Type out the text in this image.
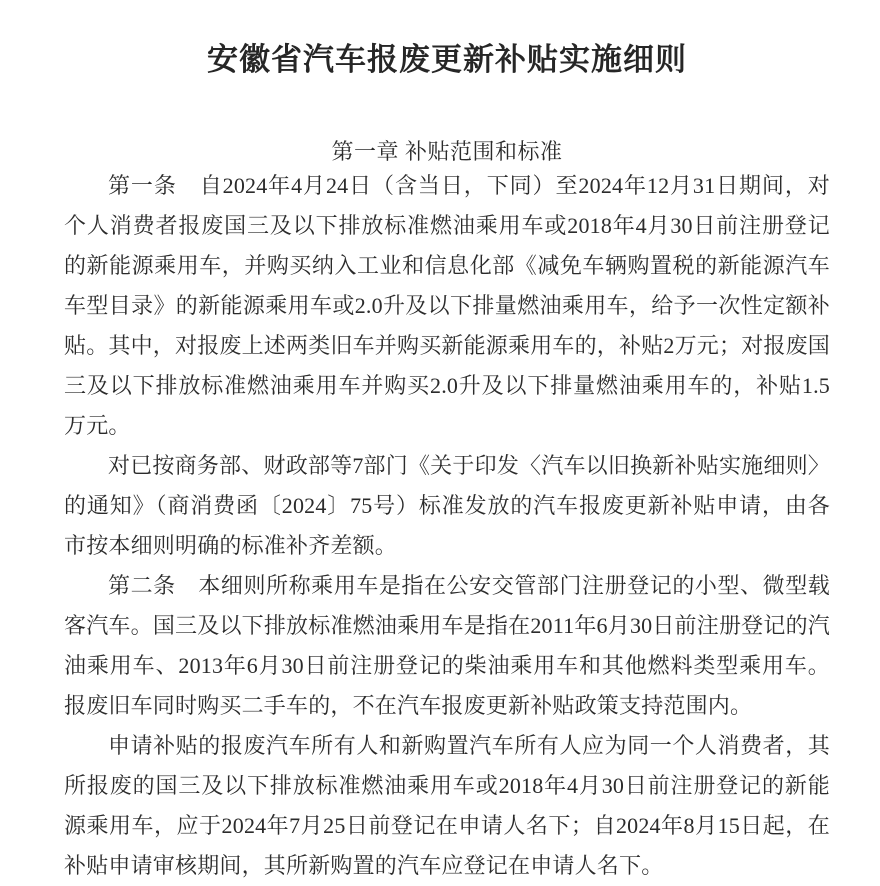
安徽省汽车报废更新补贴实施细则
第一章 补贴范围和标准

第一条　自2024年4月24日（含当日，下同）至2024年12月31日期间，对个人消费者报废国三及以下排放标准燃油乘用车或2018年4月30日前注册登记的新能源乘用车，并购买纳入工业和信息化部《减免车辆购置税的新能源汽车车型目录》的新能源乘用车或2.0升及以下排量燃油乘用车，给予一次性定额补贴。其中，对报废上述两类旧车并购买新能源乘用车的，补贴2万元；对报废国三及以下排放标准燃油乘用车并购买2.0升及以下排量燃油乘用车的，补贴1.5万元。

对已按商务部、财政部等7部门《关于印发〈汽车以旧换新补贴实施细则〉的通知》（商消费函〔2024〕75号）标准发放的汽车报废更新补贴申请，由各市按本细则明确的标准补齐差额。

第二条　本细则所称乘用车是指在公安交管部门注册登记的小型、微型载客汽车。国三及以下排放标准燃油乘用车是指在2011年6月30日前注册登记的汽油乘用车、2013年6月30日前注册登记的柴油乘用车和其他燃料类型乘用车。报废旧车同时购买二手车的，不在汽车报废更新补贴政策支持范围内。

申请补贴的报废汽车所有人和新购置汽车所有人应为同一个人消费者，其所报废的国三及以下排放标准燃油乘用车或2018年4月30日前注册登记的新能源乘用车，应于2024年7月25日前登记在申请人名下；自2024年8月15日起，在补贴申请审核期间，其所新购置的汽车应登记在申请人名下。
